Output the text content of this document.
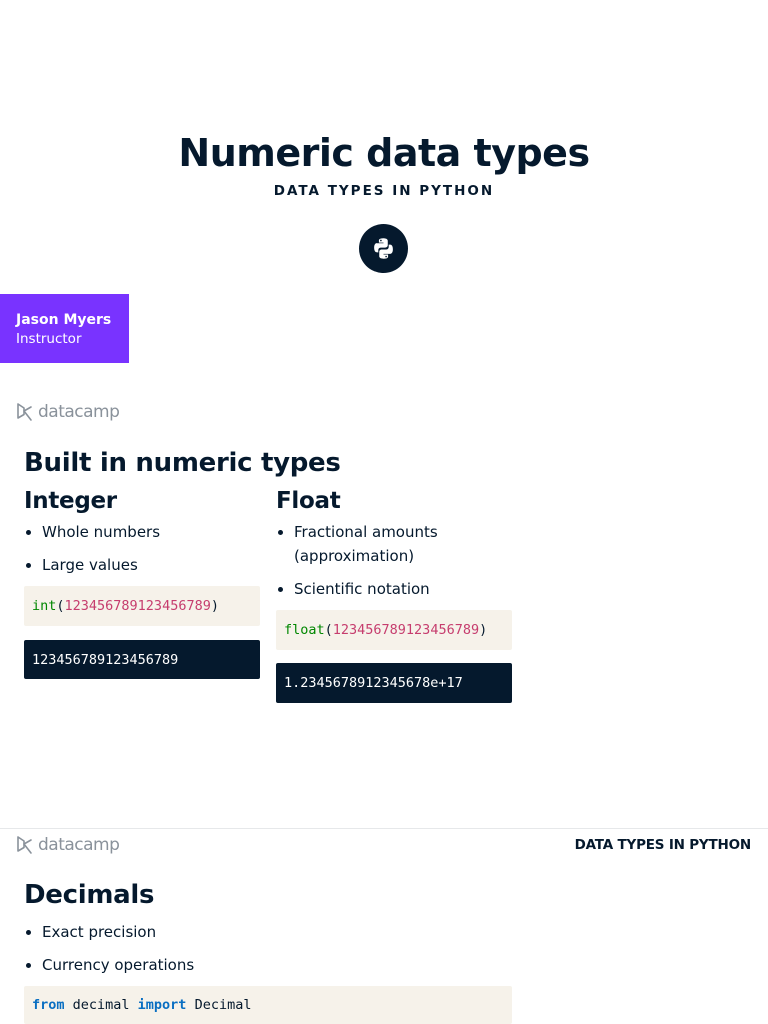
Numeric data types
DATA TYPES IN PYTHON
Jason Myers
Instructor
datacamp
Built in numeric types
Integer
Whole numbers
Large values
int ( 123456789123456789 )
123456789123456789
Float
Fractional amounts (approximation)
Scientific notation
float ( 123456789123456789 )
1.2345678912345678e+17
datacamp	DATA TYPES IN PYTHON
Decimals
Exact precision
Currency operations
from decimal import Decimal
